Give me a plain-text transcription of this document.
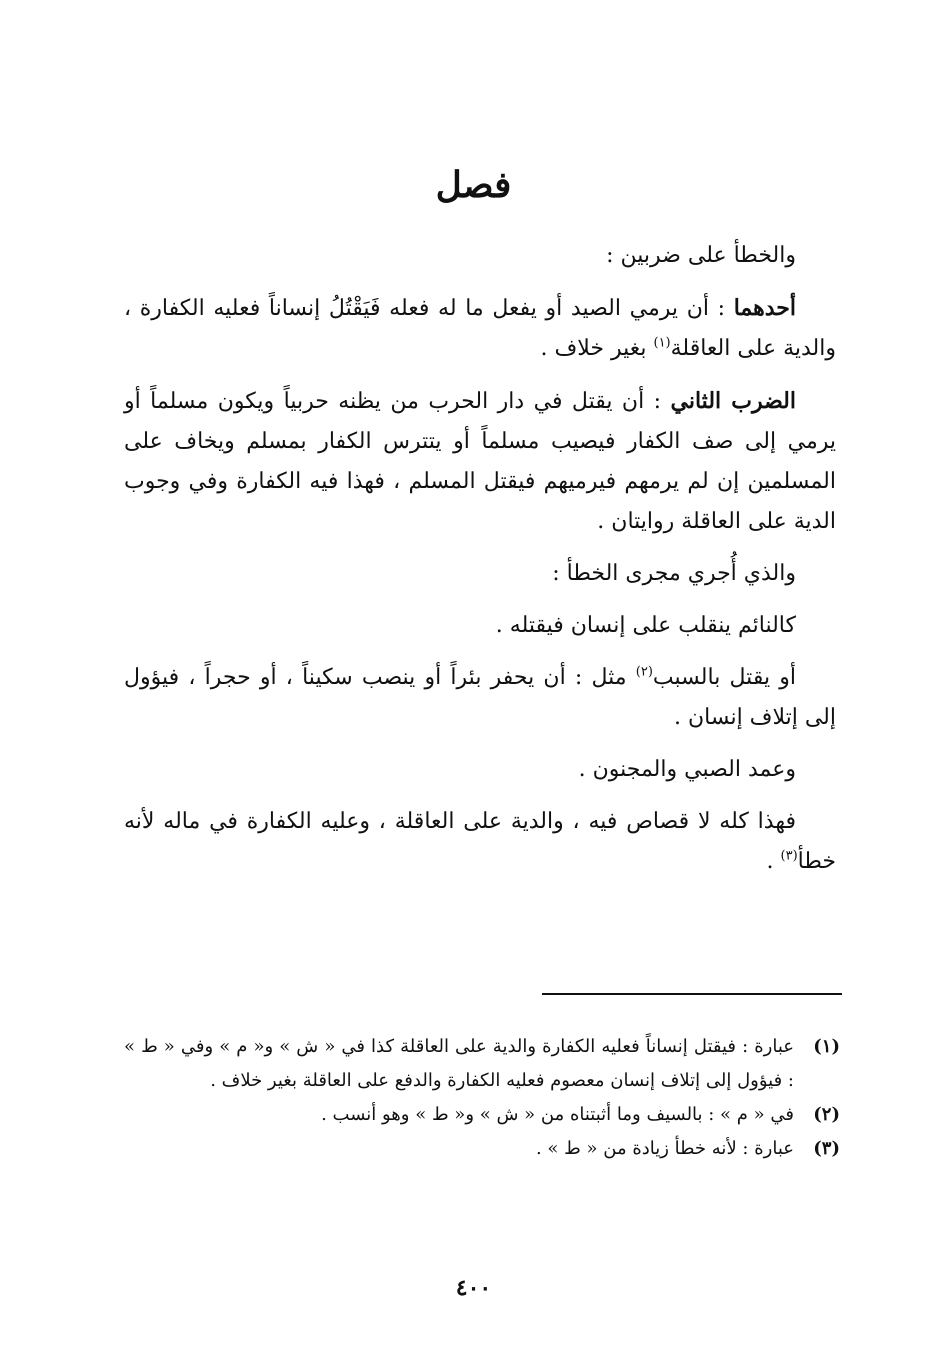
فصل

والخطأ على ضربين :

أحدهما : أن يرمي الصيد أو يفعل ما له فعله فَيَقْتُلُ إنساناً فعليه الكفارة ، والدية على العاقلة$^{(١)}$ بغير خلاف .

الضرب الثاني : أن يقتل في دار الحرب من يظنه حربياً ويكون مسلماً أو يرمي إلى صف الكفار فيصيب مسلماً أو يتترس الكفار بمسلم ويخاف على المسلمين إن لم يرمهم فيرميهم فيقتل المسلم ، فهذا فيه الكفارة وفي وجوب الدية على العاقلة روايتان .

والذي أُجري مجرى الخطأ :

كالنائم ينقلب على إنسان فيقتله .

أو يقتل بالسبب$^{(٢)}$ مثل : أن يحفر بئراً أو ينصب سكيناً ، أو حجراً ، فيؤول إلى إتلاف إنسان .

وعمد الصبي والمجنون .

فهذا كله لا قصاص فيه ، والدية على العاقلة ، وعليه الكفارة في ماله لأنه خطأ$^{(٣)}$ .

(١)
عبارة : فيقتل إنساناً فعليه الكفارة والدية على العاقلة كذا في « ش » و« م » وفي « ط » : فيؤول إلى إتلاف إنسان معصوم فعليه الكفارة والدفع على العاقلة بغير خلاف .
(٢)
في « م » : بالسيف وما أثبتناه من « ش » و« ط » وهو أنسب .
(٣)
عبارة : لأنه خطأ زيادة من « ط » .
٤٠٠
